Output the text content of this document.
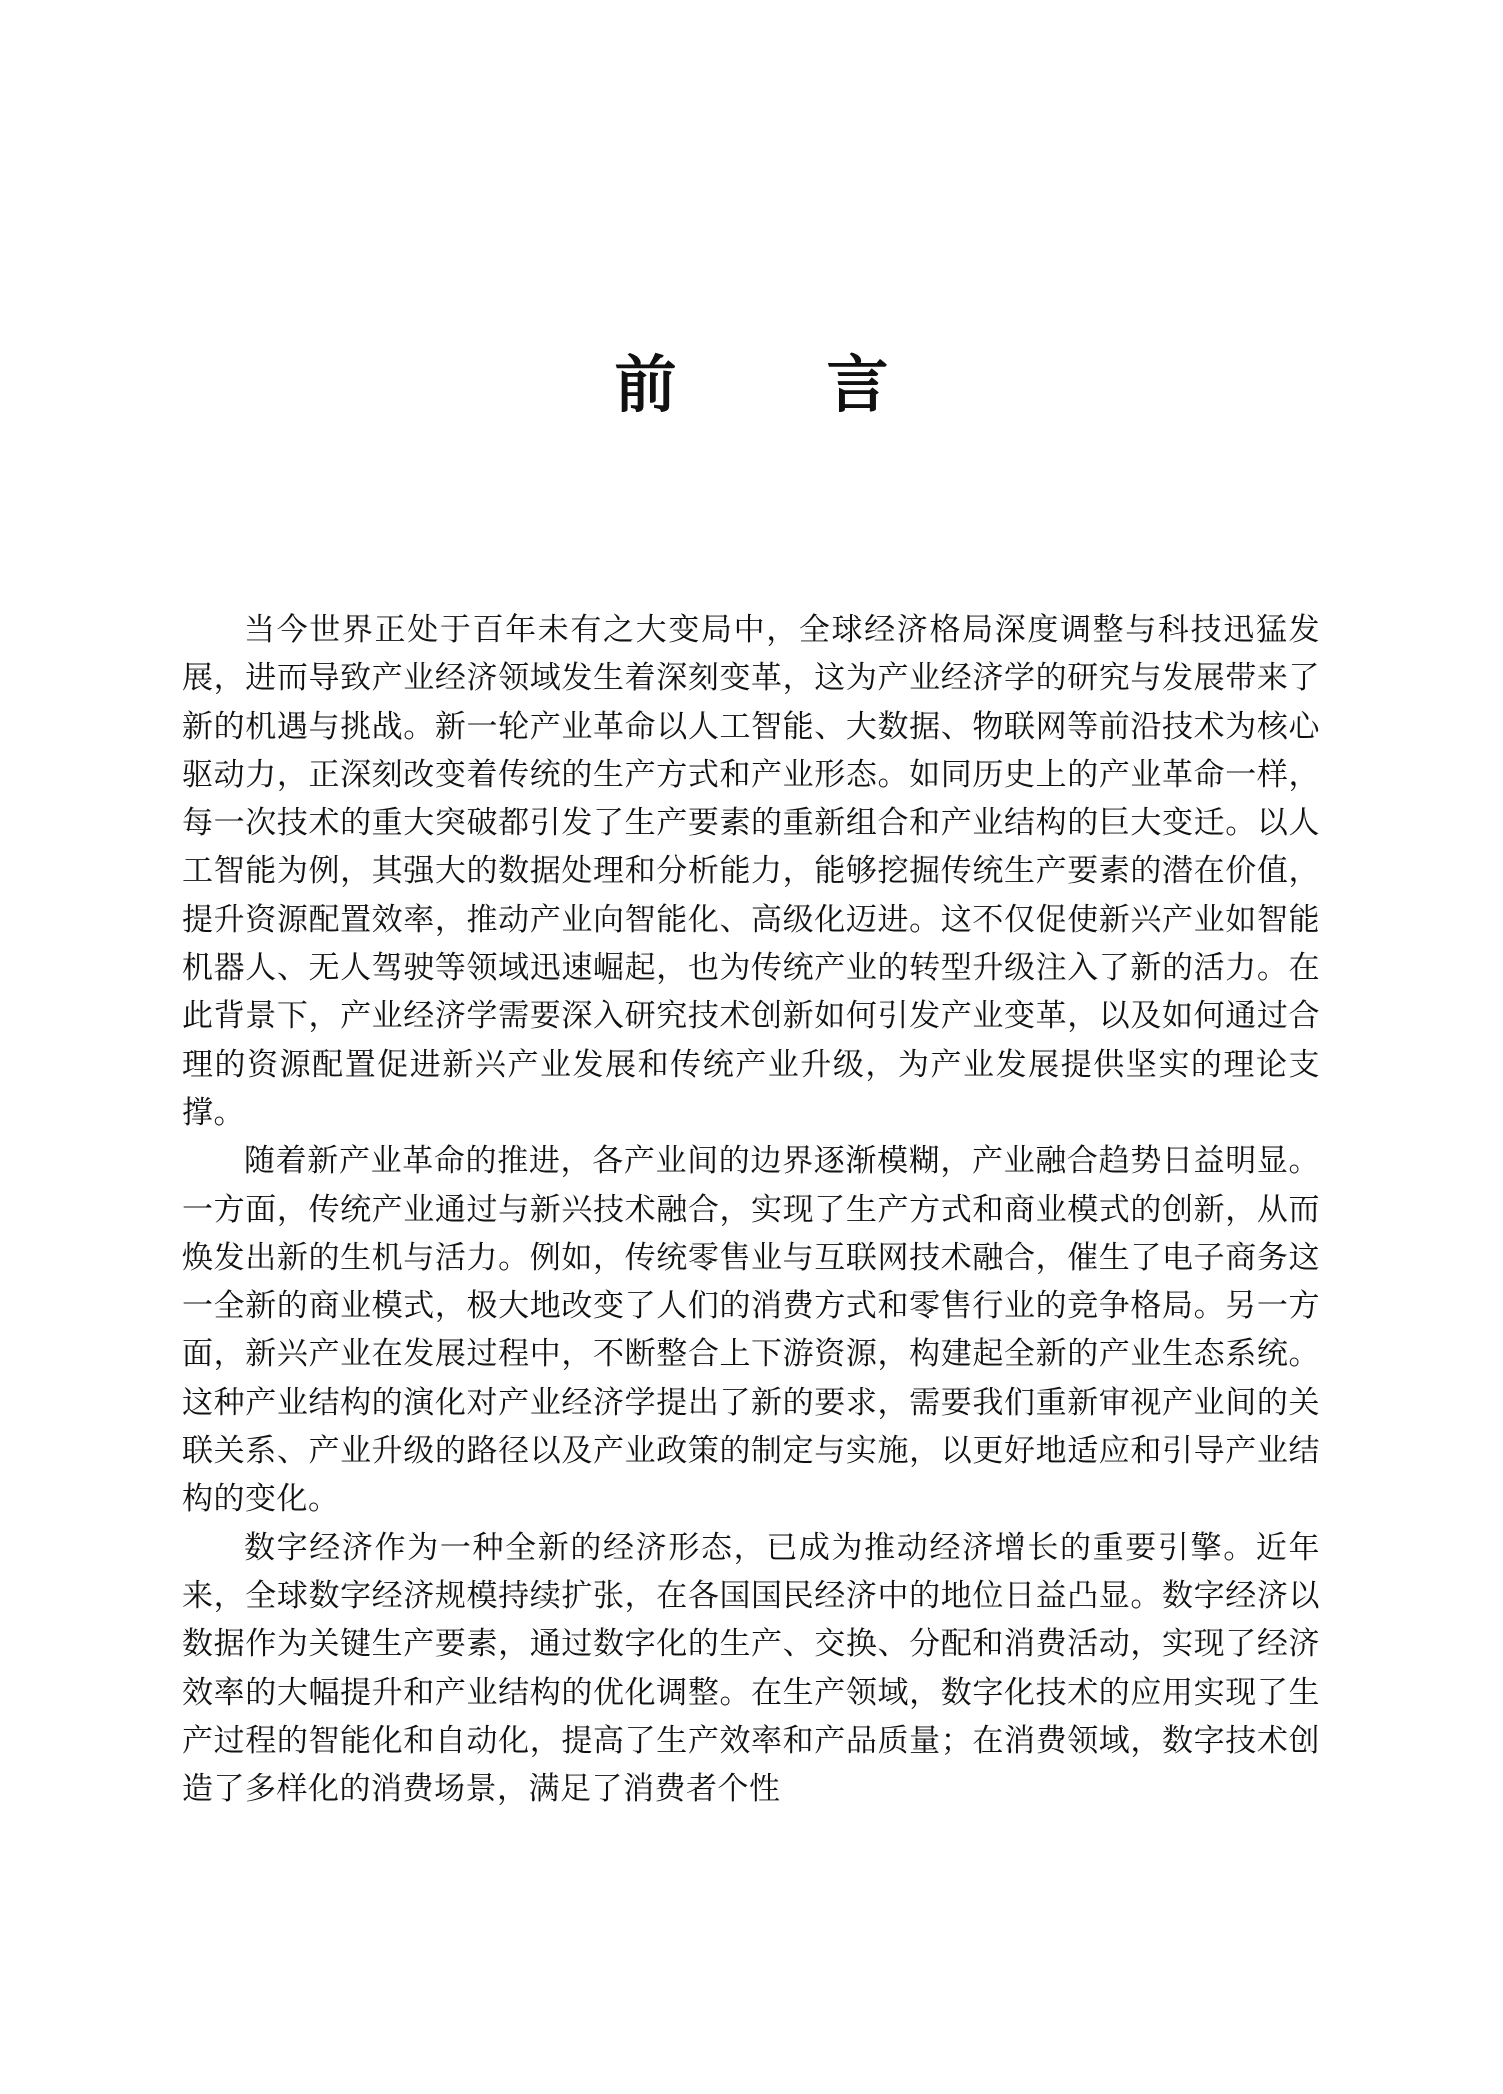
前 言

当今世界正处于百年未有之大变局中，全球经济格局深度调整与科技迅猛发展，进而导致产业经济领域发生着深刻变革，这为产业经济学的研究与发展带来了新的机遇与挑战。新一轮产业革命以人工智能、大数据、物联网等前沿技术为核心驱动力，正深刻改变着传统的生产方式和产业形态。如同历史上的产业革命一样，每一次技术的重大突破都引发了生产要素的重新组合和产业结构的巨大变迁。以人工智能为例，其强大的数据处理和分析能力，能够挖掘传统生产要素的潜在价值，提升资源配置效率，推动产业向智能化、高级化迈进。这不仅促使新兴产业如智能机器人、无人驾驶等领域迅速崛起，也为传统产业的转型升级注入了新的活力。在此背景下，产业经济学需要深入研究技术创新如何引发产业变革，以及如何通过合理的资源配置促进新兴产业发展和传统产业升级，为产业发展提供坚实的理论支撑。

随着新产业革命的推进，各产业间的边界逐渐模糊，产业融合趋势日益明显。一方面，传统产业通过与新兴技术融合，实现了生产方式和商业模式的创新，从而焕发出新的生机与活力。例如，传统零售业与互联网技术融合，催生了电子商务这一全新的商业模式，极大地改变了人们的消费方式和零售行业的竞争格局。另一方面，新兴产业在发展过程中，不断整合上下游资源，构建起全新的产业生态系统。这种产业结构的演化对产业经济学提出了新的要求，需要我们重新审视产业间的关联关系、产业升级的路径以及产业政策的制定与实施，以更好地适应和引导产业结构的变化。

数字经济作为一种全新的经济形态，已成为推动经济增长的重要引擎。近年来，全球数字经济规模持续扩张，在各国国民经济中的地位日益凸显。数字经济以数据作为关键生产要素，通过数字化的生产、交换、分配和消费活动，实现了经济效率的大幅提升和产业结构的优化调整。在生产领域，数字化技术的应用实现了生产过程的智能化和自动化，提高了生产效率和产品质量；在消费领域，数字技术创造了多样化的消费场景，满足了消费者个性
